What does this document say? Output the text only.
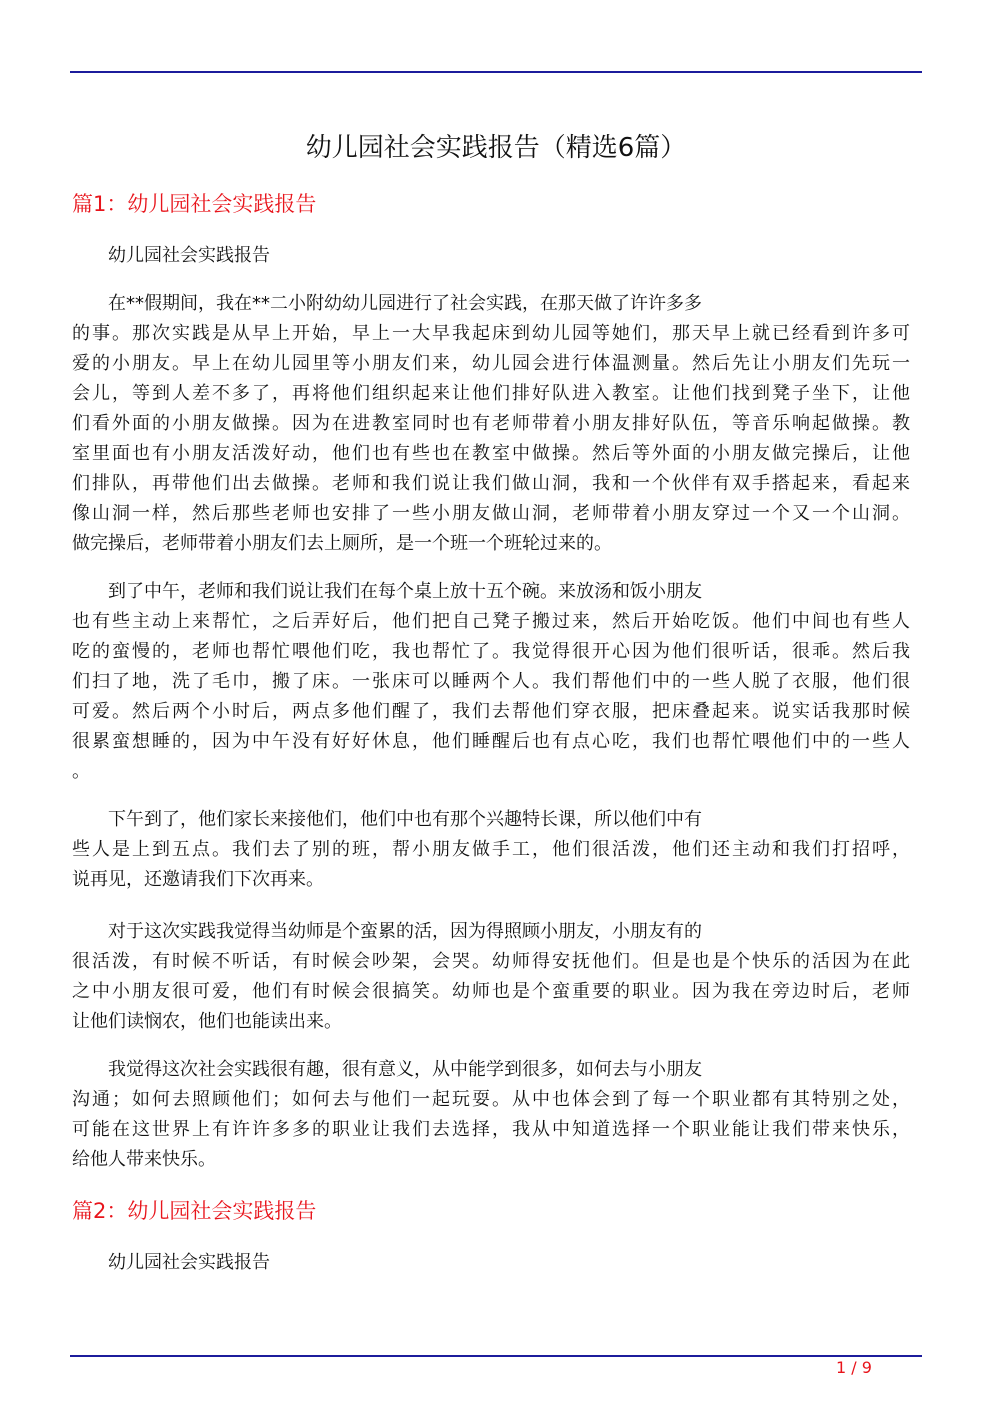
幼儿园社会实践报告（精选6篇）
篇1：幼儿园社会实践报告
幼儿园社会实践报告
在**假期间，我在**二小附幼幼儿园进行了社会实践，在那天做了许许多多
的事。那次实践是从早上开始，早上一大早我起床到幼儿园等她们，那天早上就已经看到许多可
爱的小朋友。早上在幼儿园里等小朋友们来，幼儿园会进行体温测量。然后先让小朋友们先玩一
会儿，等到人差不多了，再将他们组织起来让他们排好队进入教室。让他们找到凳子坐下，让他
们看外面的小朋友做操。因为在进教室同时也有老师带着小朋友排好队伍，等音乐响起做操。教
室里面也有小朋友活泼好动，他们也有些也在教室中做操。然后等外面的小朋友做完操后，让他
们排队，再带他们出去做操。老师和我们说让我们做山洞，我和一个伙伴有双手搭起来，看起来
像山洞一样，然后那些老师也安排了一些小朋友做山洞，老师带着小朋友穿过一个又一个山洞。
做完操后，老师带着小朋友们去上厕所，是一个班一个班轮过来的。
到了中午，老师和我们说让我们在每个桌上放十五个碗。来放汤和饭小朋友
也有些主动上来帮忙，之后弄好后，他们把自己凳子搬过来，然后开始吃饭。他们中间也有些人
吃的蛮慢的，老师也帮忙喂他们吃，我也帮忙了。我觉得很开心因为他们很听话，很乖。然后我
们扫了地，洗了毛巾，搬了床。一张床可以睡两个人。我们帮他们中的一些人脱了衣服，他们很
可爱。然后两个小时后，两点多他们醒了，我们去帮他们穿衣服，把床叠起来。说实话我那时候
很累蛮想睡的，因为中午没有好好休息，他们睡醒后也有点心吃，我们也帮忙喂他们中的一些人
。
下午到了，他们家长来接他们，他们中也有那个兴趣特长课，所以他们中有
些人是上到五点。我们去了别的班，帮小朋友做手工，他们很活泼，他们还主动和我们打招呼，
说再见，还邀请我们下次再来。
对于这次实践我觉得当幼师是个蛮累的活，因为得照顾小朋友，小朋友有的
很活泼，有时候不听话，有时候会吵架，会哭。幼师得安抚他们。但是也是个快乐的活因为在此
之中小朋友很可爱，他们有时候会很搞笑。幼师也是个蛮重要的职业。因为我在旁边时后，老师
让他们读悯农，他们也能读出来。
我觉得这次社会实践很有趣，很有意义，从中能学到很多，如何去与小朋友
沟通；如何去照顾他们；如何去与他们一起玩耍。从中也体会到了每一个职业都有其特别之处，
可能在这世界上有许许多多的职业让我们去选择，我从中知道选择一个职业能让我们带来快乐，
给他人带来快乐。
篇2：幼儿园社会实践报告
幼儿园社会实践报告
1 / 9
